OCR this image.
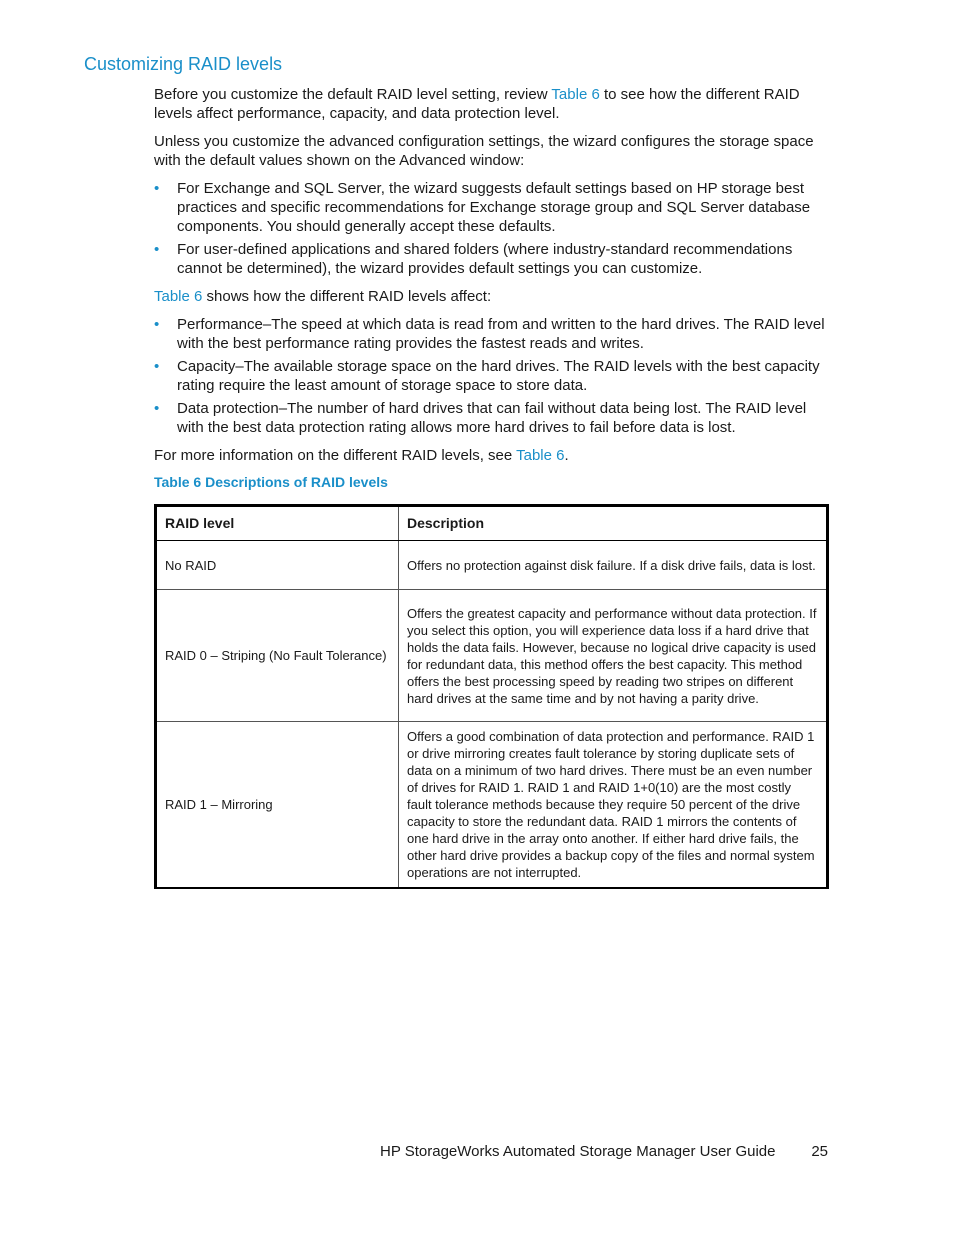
Customizing RAID levels

Before you customize the default RAID level setting, review Table 6 to see how the different RAID levels affect performance, capacity, and data protection level.

Unless you customize the advanced configuration settings, the wizard configures the storage space with the default values shown on the Advanced window:

• For Exchange and SQL Server, the wizard suggests default settings based on HP storage best practices and specific recommendations for Exchange storage group and SQL Server database components. You should generally accept these defaults.
• For user-defined applications and shared folders (where industry-standard recommendations cannot be determined), the wizard provides default settings you can customize.

Table 6 shows how the different RAID levels affect:

• Performance–The speed at which data is read from and written to the hard drives. The RAID level with the best performance rating provides the fastest reads and writes.
• Capacity–The available storage space on the hard drives. The RAID levels with the best capacity rating require the least amount of storage space to store data.
• Data protection–The number of hard drives that can fail without data being lost. The RAID level with the best data protection rating allows more hard drives to fail before data is lost.

For more information on the different RAID levels, see Table 6.

Table 6 Descriptions of RAID levels
RAID level	Description
No RAID	Offers no protection against disk failure. If a disk drive fails, data is lost.
RAID 0 – Striping (No Fault Tolerance)	Offers the greatest capacity and performance without data protection. If you select this option, you will experience data loss if a hard drive that holds the data fails. However, because no logical drive capacity is used for redundant data, this method offers the best capacity. This method offers the best processing speed by reading two stripes on different hard drives at the same time and by not having a parity drive.
RAID 1 – Mirroring	Offers a good combination of data protection and performance. RAID 1 or drive mirroring creates fault tolerance by storing duplicate sets of data on a minimum of two hard drives. There must be an even number of drives for RAID 1. RAID 1 and RAID 1+0(10) are the most costly fault tolerance methods because they require 50 percent of the drive capacity to store the redundant data. RAID 1 mirrors the contents of one hard drive in the array onto another. If either hard drive fails, the other hard drive provides a backup copy of the files and normal system operations are not interrupted.
HP StorageWorks Automated Storage Manager User Guide 25
